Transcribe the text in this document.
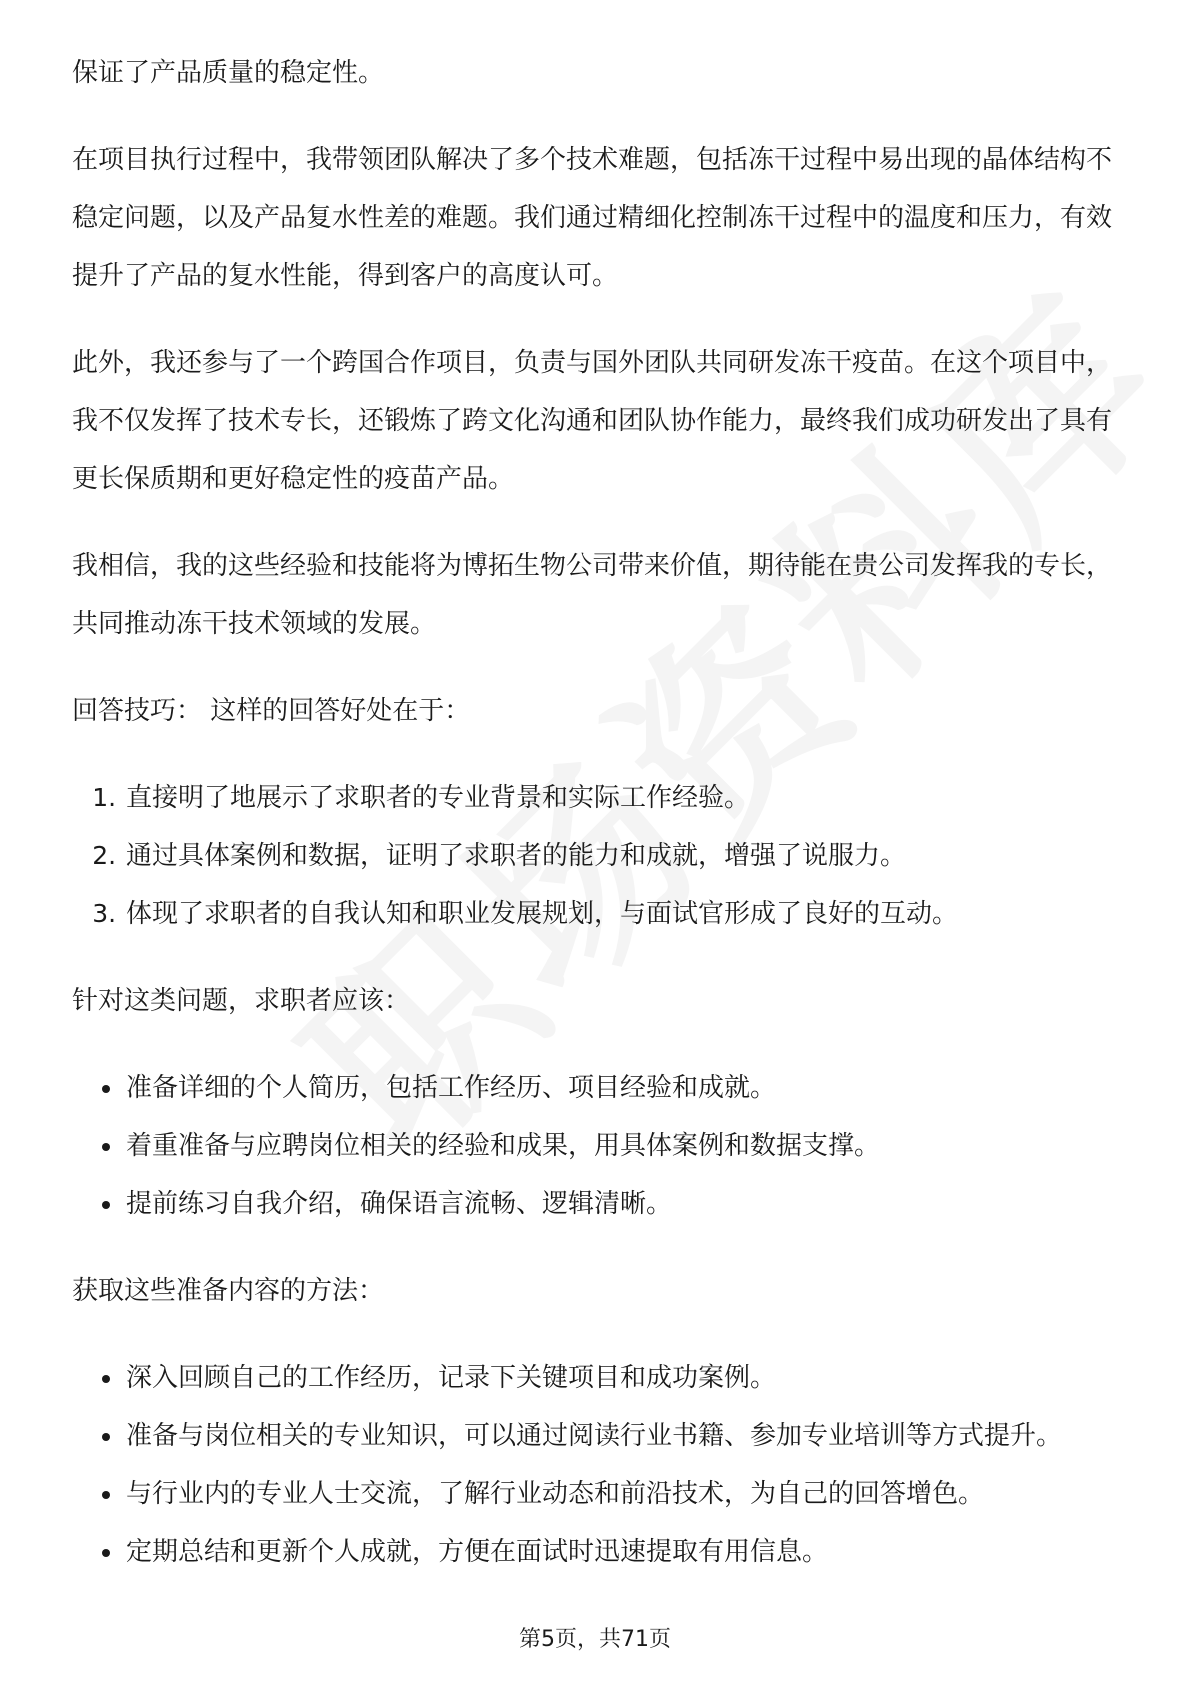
保证了产品质量的稳定性。

在项目执行过程中，我带领团队解决了多个技术难题，包括冻干过程中易出现的晶体结构不稳定问题，以及产品复水性差的难题。我们通过精细化控制冻干过程中的温度和压力，有效提升了产品的复水性能，得到客户的高度认可。

此外，我还参与了一个跨国合作项目，负责与国外团队共同研发冻干疫苗。在这个项目中，我不仅发挥了技术专长，还锻炼了跨文化沟通和团队协作能力，最终我们成功研发出了具有更长保质期和更好稳定性的疫苗产品。

我相信，我的这些经验和技能将为博拓生物公司带来价值，期待能在贵公司发挥我的专长，共同推动冻干技术领域的发展。

回答技巧： 这样的回答好处在于：

1. 直接明了地展示了求职者的专业背景和实际工作经验。
2. 通过具体案例和数据，证明了求职者的能力和成就，增强了说服力。
3. 体现了求职者的自我认知和职业发展规划，与面试官形成了良好的互动。

针对这类问题，求职者应该：

• 准备详细的个人简历，包括工作经历、项目经验和成就。
• 着重准备与应聘岗位相关的经验和成果，用具体案例和数据支撑。
• 提前练习自我介绍，确保语言流畅、逻辑清晰。

获取这些准备内容的方法：

• 深入回顾自己的工作经历，记录下关键项目和成功案例。
• 准备与岗位相关的专业知识，可以通过阅读行业书籍、参加专业培训等方式提升。
• 与行业内的专业人士交流，了解行业动态和前沿技术，为自己的回答增色。
• 定期总结和更新个人成就，方便在面试时迅速提取有用信息。
第5页，共71页
